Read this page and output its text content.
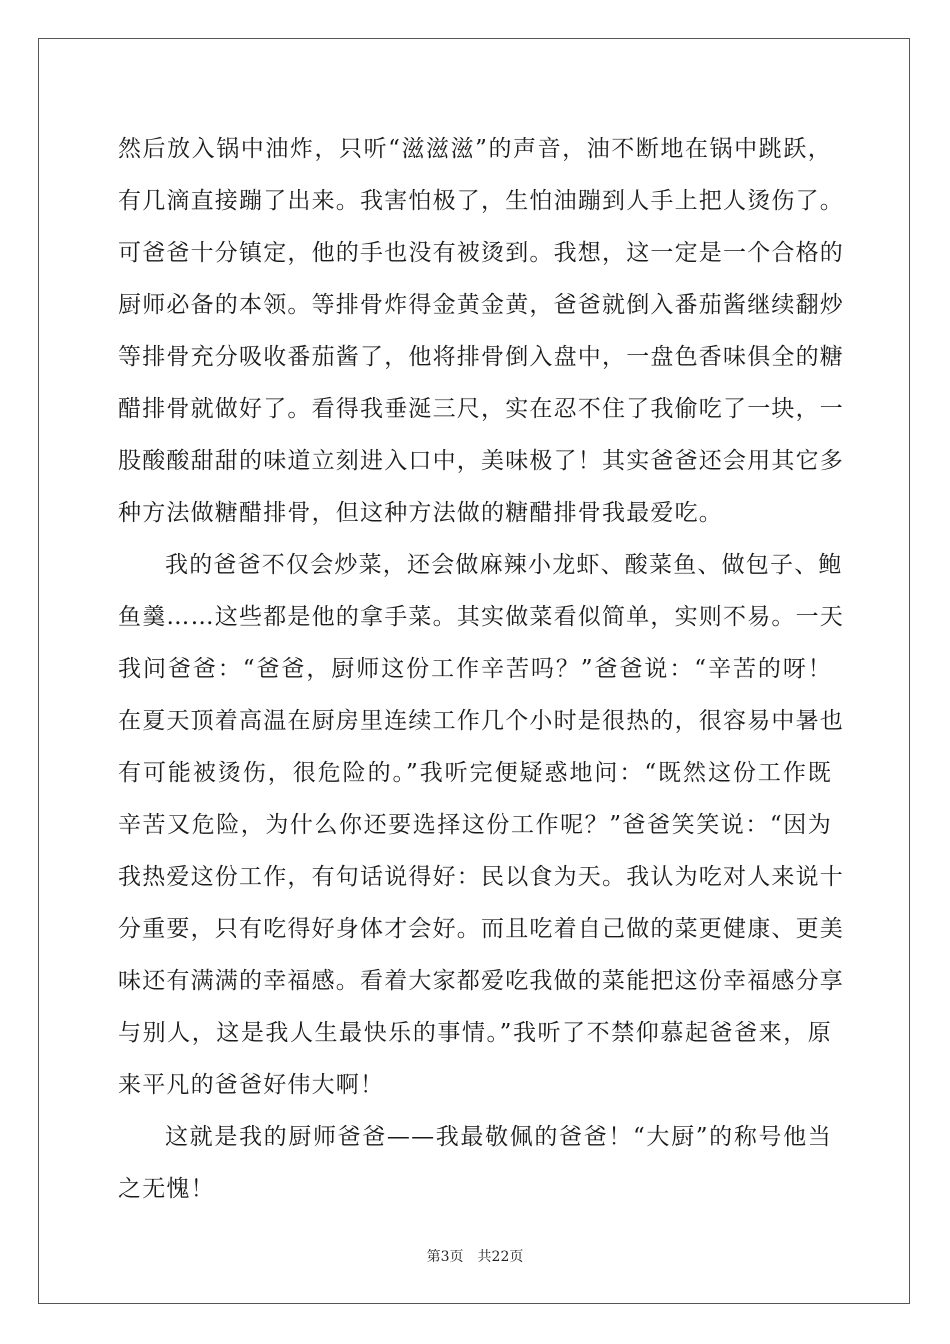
然后放入锅中油炸，只听“滋滋滋”的声音，油不断地在锅中跳跃，
有几滴直接蹦了出来。我害怕极了，生怕油蹦到人手上把人烫伤了。
可爸爸十分镇定，他的手也没有被烫到。我想，这一定是一个合格的
厨师必备的本领。等排骨炸得金黄金黄，爸爸就倒入番茄酱继续翻炒
等排骨充分吸收番茄酱了，他将排骨倒入盘中，一盘色香味俱全的糖
醋排骨就做好了。看得我垂涎三尺，实在忍不住了我偷吃了一块，一
股酸酸甜甜的味道立刻进入口中，美味极了！其实爸爸还会用其它多
种方法做糖醋排骨，但这种方法做的糖醋排骨我最爱吃。
我的爸爸不仅会炒菜，还会做麻辣小龙虾、酸菜鱼、做包子、鲍
鱼羹……这些都是他的拿手菜。其实做菜看似简单，实则不易。一天
我问爸爸：“爸爸，厨师这份工作辛苦吗？”爸爸说：“辛苦的呀！
在夏天顶着高温在厨房里连续工作几个小时是很热的，很容易中暑也
有可能被烫伤，很危险的。”我听完便疑惑地问：“既然这份工作既
辛苦又危险，为什么你还要选择这份工作呢？”爸爸笑笑说：“因为
我热爱这份工作，有句话说得好：民以食为天。我认为吃对人来说十
分重要，只有吃得好身体才会好。而且吃着自己做的菜更健康、更美
味还有满满的幸福感。看着大家都爱吃我做的菜能把这份幸福感分享
与别人，这是我人生最快乐的事情。”我听了不禁仰慕起爸爸来，原
来平凡的爸爸好伟大啊！
这就是我的厨师爸爸——我最敬佩的爸爸！“大厨”的称号他当
之无愧！
第3页 共22页
